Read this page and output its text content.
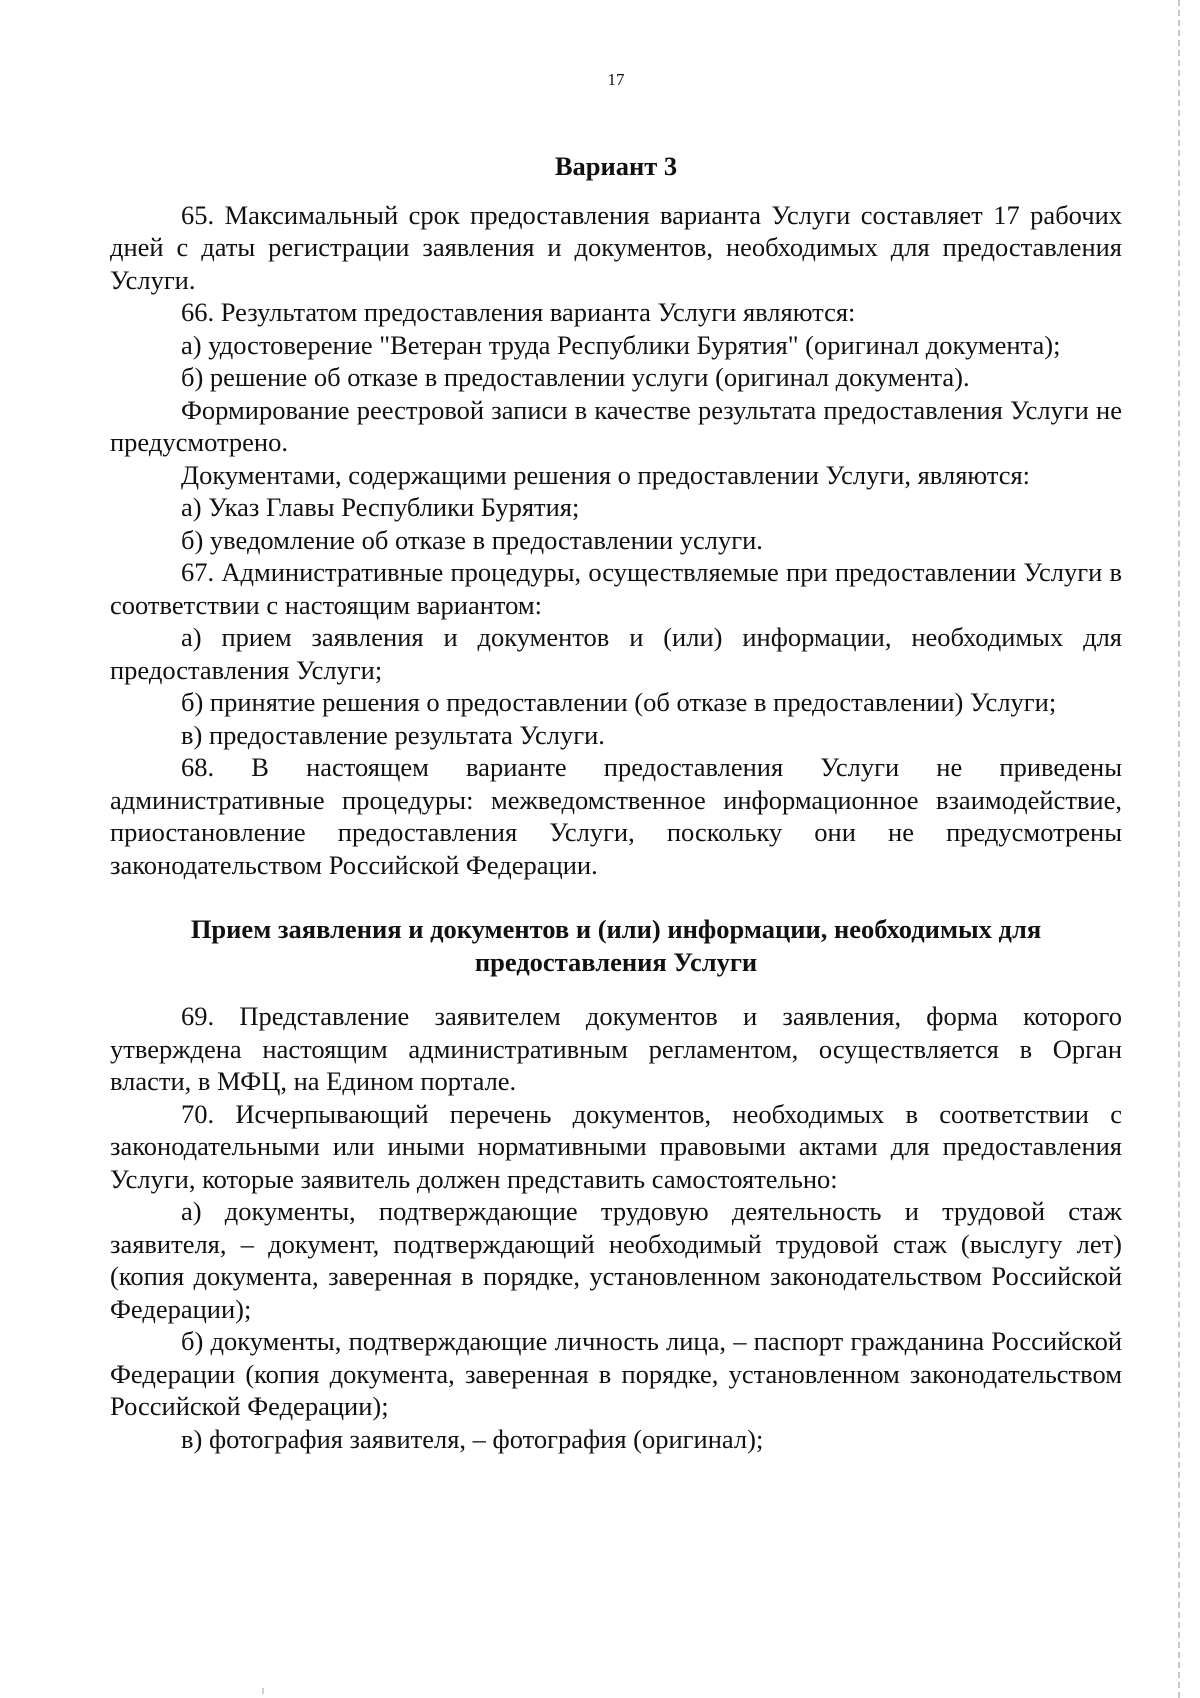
17

Вариант 3

65. Максимальный срок предоставления варианта Услуги составляет 17 рабочих дней с даты регистрации заявления и документов, необходимых для предоставления Услуги.

66. Результатом предоставления варианта Услуги являются:

а) удостоверение "Ветеран труда Республики Бурятия" (оригинал документа);

б) решение об отказе в предоставлении услуги (оригинал документа).

Формирование реестровой записи в качестве результата предоставления Услуги не предусмотрено.

Документами, содержащими решения о предоставлении Услуги, являются:

а) Указ Главы Республики Бурятия;

б) уведомление об отказе в предоставлении услуги.

67. Административные процедуры, осуществляемые при предоставлении Услуги в соответствии с настоящим вариантом:

а) прием заявления и документов и (или) информации, необходимых для предоставления Услуги;

б) принятие решения о предоставлении (об отказе в предоставлении) Услуги;

в) предоставление результата Услуги.

68. В настоящем варианте предоставления Услуги не приведены административные процедуры: межведомственное информационное взаимодействие, приостановление предоставления Услуги, поскольку они не предусмотрены законодательством Российской Федерации.

Прием заявления и документов и (или) информации, необходимых для
предоставления Услуги

69. Представление заявителем документов и заявления, форма которого утверждена настоящим административным регламентом, осуществляется в Орган власти, в МФЦ, на Едином портале.

70. Исчерпывающий перечень документов, необходимых в соответствии с законодательными или иными нормативными правовыми актами для предоставления Услуги, которые заявитель должен представить самостоятельно:

а) документы, подтверждающие трудовую деятельность и трудовой стаж заявителя, – документ, подтверждающий необходимый трудовой стаж (выслугу лет) (копия документа, заверенная в порядке, установленном законодательством Российской Федерации);

б) документы, подтверждающие личность лица, – паспорт гражданина Российской Федерации (копия документа, заверенная в порядке, установленном законодательством Российской Федерации);

в) фотография заявителя, – фотография (оригинал);
